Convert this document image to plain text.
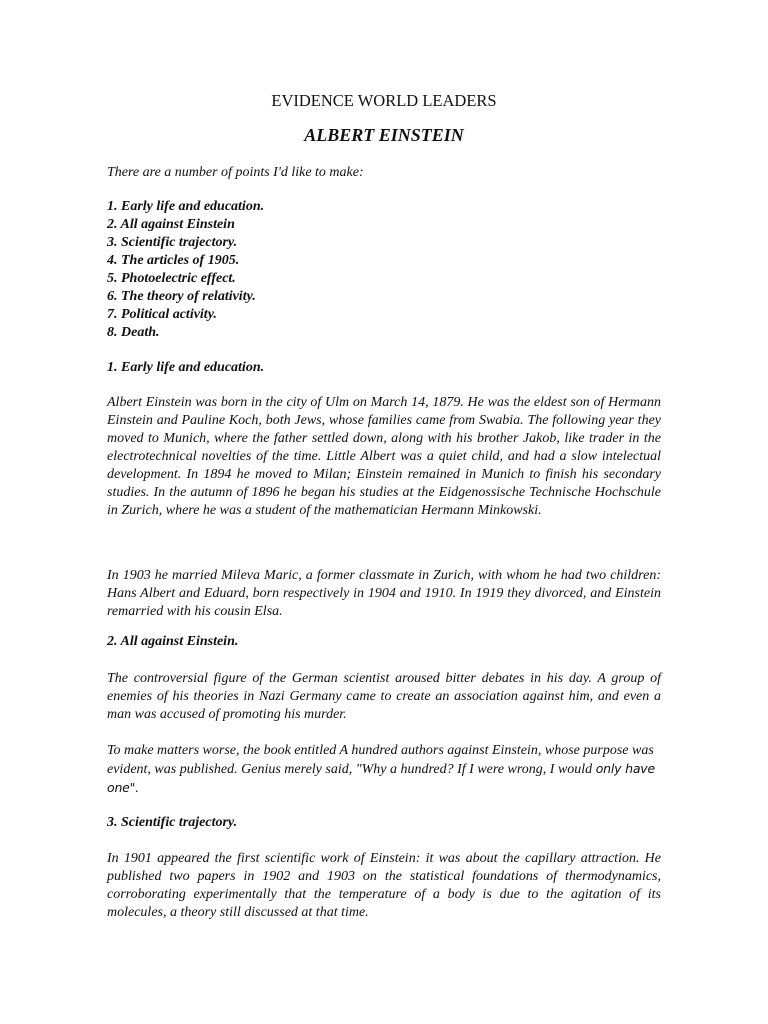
EVIDENCE WORLD LEADERS
ALBERT EINSTEIN

There are a number of points I'd like to make:

1. Early life and education.
2. All against Einstein
3. Scientific trajectory.
4. The articles of 1905.
5. Photoelectric effect.
6. The theory of relativity.
7. Political activity.
8. Death.

1. Early life and education.

Albert Einstein was born in the city of Ulm on March 14, 1879. He was the eldest son of Hermann Einstein and Pauline Koch, both Jews, whose families came from Swabia. The following year they moved to Munich, where the father settled down, along with his brother Jakob, like trader in the electrotechnical novelties of the time. Little Albert was a quiet child, and had a slow intelectual development. In 1894 he moved to Milan; Einstein remained in Munich to finish his secondary studies. In the autumn of 1896 he began his studies at the Eidgenossische Technische Hochschule in Zurich, where he was a student of the mathematician Hermann Minkowski.

In 1903 he married Mileva Maric, a former classmate in Zurich, with whom he had two children: Hans Albert and Eduard, born respectively in 1904 and 1910. In 1919 they divorced, and Einstein remarried with his cousin Elsa.

2. All against Einstein.

The controversial figure of the German scientist aroused bitter debates in his day. A group of enemies of his theories in Nazi Germany came to create an association against him, and even a man was accused of promoting his murder.

To make matters worse, the book entitled A hundred authors against Einstein, whose purpose was evident, was published. Genius merely said, "Why a hundred? If I were wrong, I would only have one".

3. Scientific trajectory.

In 1901 appeared the first scientific work of Einstein: it was about the capillary attraction. He published two papers in 1902 and 1903 on the statistical foundations of thermodynamics, corroborating experimentally that the temperature of a body is due to the agitation of its molecules, a theory still discussed at that time.
